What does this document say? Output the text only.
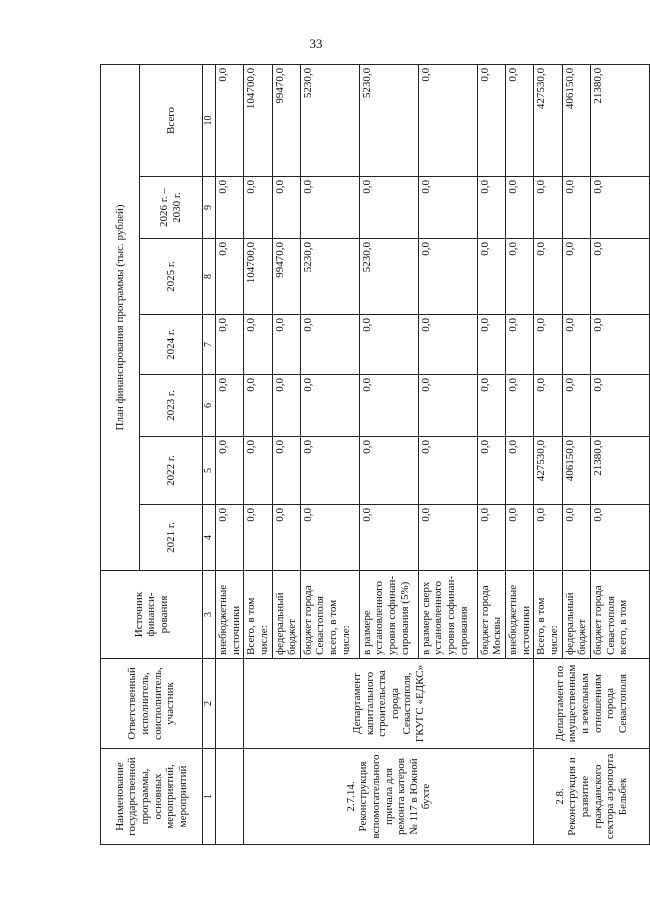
33
Наименование государственной программы, основных мероприятий, мероприятий	Ответственный исполнитель, соисполнитель, участник	Источник финанси-рования	План финансирования программы (тыс. рублей)						
			2021 г.	2022 г.	2023 г.	2024 г.	2025 г.	2026 г. – 2030 г.	Всего
1	2	3	4	5	6	7	8	9	10
		внебюджетные источники	0,0	0,0	0,0	0,0	0,0	0,0	0,0
2.7.14. Реконструкция вспомогательного причала для ремонта катеров № 117 в Южной бухте	Департамент капитального строительства города Севастополя, ГКУГС «ЕДКС»	Всего, в том числе:	0,0	0,0	0,0	0,0	104700,0	0,0	104700,0
		федеральный бюджет	0,0	0,0	0,0	0,0	99470,0	0,0	99470,0
		бюджет города Севастополя всего, в том числе:	0,0	0,0	0,0	0,0	5230,0	0,0	5230,0
		в размере установленного уровня софинан-сирования (5%)	0,0	0,0	0,0	0,0	5230,0	0,0	5230,0
		в размере сверх установленного уровня софинан-сирования	0,0	0,0	0,0	0,0	0,0	0,0	0,0
		бюджет города Москвы	0,0	0,0	0,0	0,0	0,0	0,0	0,0
		внебюджетные источники	0,0	0,0	0,0	0,0	0,0	0,0	0,0
2.8. Реконструкция и развитие гражданского сектора аэропорта Бельбек	Департамент по имущественным и земельным отношениям города Севастополя	Всего, в том числе:	0,0	427530,0	0,0	0,0	0,0	0,0	427530,0
		федеральный бюджет	0,0	406150,0	0,0	0,0	0,0	0,0	406150,0
		бюджет города Севастополя всего, в том	0,0	21380,0	0,0	0,0	0,0	0,0	21380,0
